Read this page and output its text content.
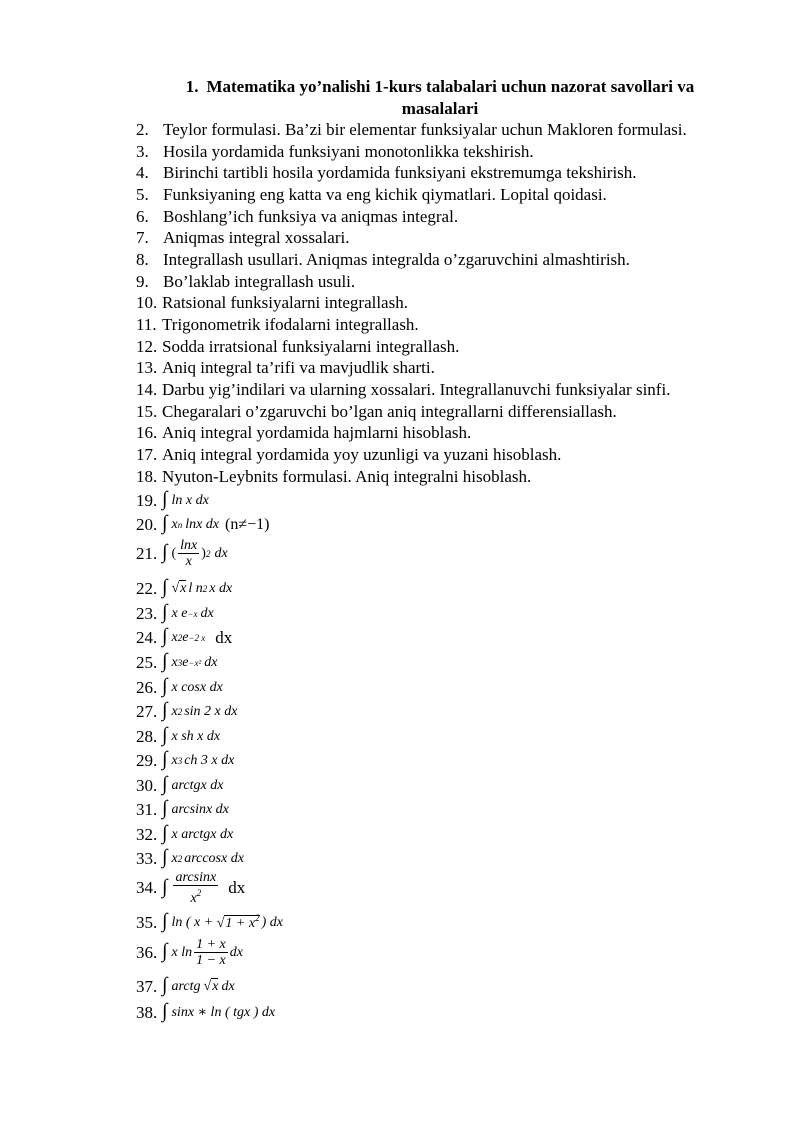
1. Matematika yo’nalishi 1-kurs talabalari uchun nazorat savollari va masalalari
2. Teylor formulasi. Ba’zi bir elementar funksiyalar uchun Makloren formulasi.
3. Hosila yordamida funksiyani monotonlikka tekshirish.
4. Birinchi tartibli hosila yordamida funksiyani ekstremumga tekshirish.
5. Funksiyaning eng katta va eng kichik qiymatlari. Lopital qoidasi.
6. Boshlang’ich funksiya va aniqmas integral.
7. Aniqmas integral xossalari.
8. Integrallash usullari. Aniqmas integralda o’zgaruvchini almashtirish.
9. Bo’laklab integrallash usuli.
10. Ratsional funksiyalarni integrallash.
11. Trigonometrik ifodalarni integrallash.
12. Sodda irratsional funksiyalarni integrallash.
13. Aniq integral ta’rifi va mavjudlik sharti.
14. Darbu yig’indilari va ularning xossalari. Integrallanuvchi funksiyalar sinfi.
15. Chegaralari o’zgaruvchi bo’lgan aniq integrallarni differensiallash.
16. Aniq integral yordamida hajmlarni hisoblash.
17. Aniq integral yordamida yoy uzunligi va yuzani hisoblash.
18. Nyuton-Leybnits formulasi. Aniq integralni hisoblash.
19. ∫ ln x dx
20. ∫ x n lnx dx (n≠−1)
21. ∫ ( $\frac{\ln x}{x}$ ) 2 dx
22. ∫ √x l n 2 x dx
23. ∫ x e −x dx
24. ∫ x 2 e −2 x dx
25. ∫ x 3 e −x² dx
26. ∫ x cosx dx
27. ∫ x 2 sin 2 x dx
28. ∫ x sh x dx
29. ∫ x 3 ch 3 x dx
30. ∫ arctgx dx
31. ∫ arcsinx dx
32. ∫ x arctgx dx
33. ∫ x 2 arccosx dx
34. ∫ $\frac{\arcsin x}{x^2}$ dx
35. ∫ ln ( $x + √1 + x^2$ ) dx
36. ∫ x $\ln \frac{1 + x}{1 - x}$ dx
37. ∫ arctg √x dx
38. ∫ sinx ∗ ln ( tgx ) dx
